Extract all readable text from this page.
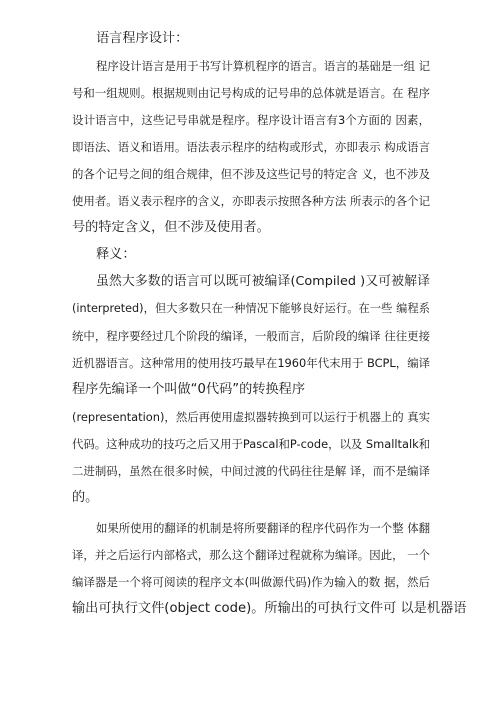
语言程序设计：
程序设计语言是用于书写计算机程序的语言。语言的基础是一组 记
号和一组规则。根据规则由记号构成的记号串的总体就是语言。在 程序
设计语言中，这些记号串就是程序。程序设计语言有3个方面的 因素，
即语法、语义和语用。语法表示程序的结构或形式，亦即表示 构成语言
的各个记号之间的组合规律，但不涉及这些记号的特定含 义，也不涉及
使用者。语义表示程序的含义，亦即表示按照各种方法 所表示的各个记
号的特定含义，但不涉及使用者。
释义：
虽然大多数的语言可以既可被编译(Compiled )又可被解译
(interpreted)，但大多数只在一种情况下能够良好运行。在一些 编程系
统中，程序要经过几个阶段的编译，一般而言，后阶段的编译 往往更接
近机器语言。这种常用的使用技巧最早在1960年代末用于 BCPL，编译
程序先编译一个叫做“0代码”的转换程序
(representation)，然后再使用虚拟器转换到可以运行于机器上的 真实
代码。这种成功的技巧之后又用于Pascal和P-code，以及 Smalltalk和
二进制码，虽然在很多时候，中间过渡的代码往往是解 译，而不是编译
的。
如果所使用的翻译的机制是将所要翻译的程序代码作为一个整 体翻
译，并之后运行内部格式，那么这个翻译过程就称为编译。因此， 一个
编译器是一个将可阅读的程序文本(叫做源代码)作为输入的数 据，然后
输出可执行文件(object code)。所输出的可执行文件可 以是机器语
